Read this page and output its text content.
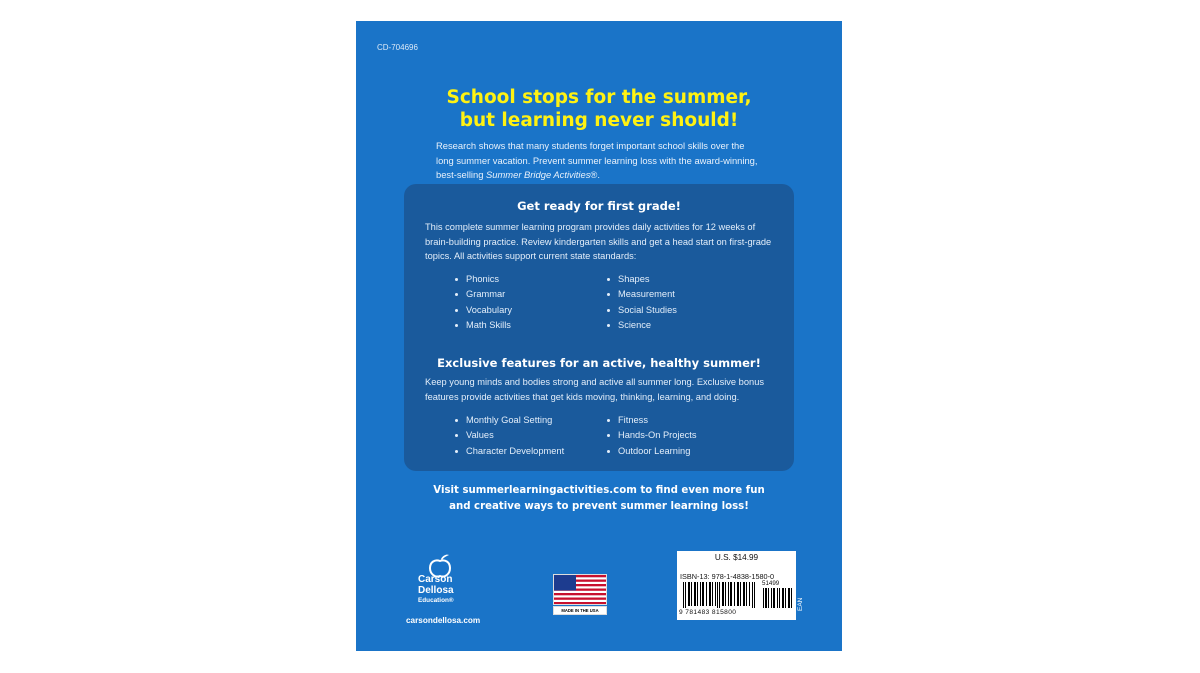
CD-704696
School stops for the summer,
but learning never should!
Research shows that many students forget important school skills over the
long summer vacation. Prevent summer learning loss with the award-winning,
best-selling Summer Bridge Activities®.
Get ready for first grade!
This complete summer learning program provides daily activities for 12 weeks of
brain-building practice. Review kindergarten skills and get a head start on first-grade
topics. All activities support current state standards:
Phonics
Grammar
Vocabulary
Math Skills
Shapes
Measurement
Social Studies
Science
Exclusive features for an active, healthy summer!
Keep young minds and bodies strong and active all summer long. Exclusive bonus
features provide activities that get kids moving, thinking, learning, and doing.
Monthly Goal Setting
Values
Character Development
Fitness
Hands-On Projects
Outdoor Learning
Visit summerlearningactivities.com to find even more fun
and creative ways to prevent summer learning loss!
Carson
Dellosa
Education®
carsondellosa.com
MADE IN THE USA
U.S. $14.99
ISBN-13: 978-1-4838-1580-0
51499
9 781483 815800
EAN
